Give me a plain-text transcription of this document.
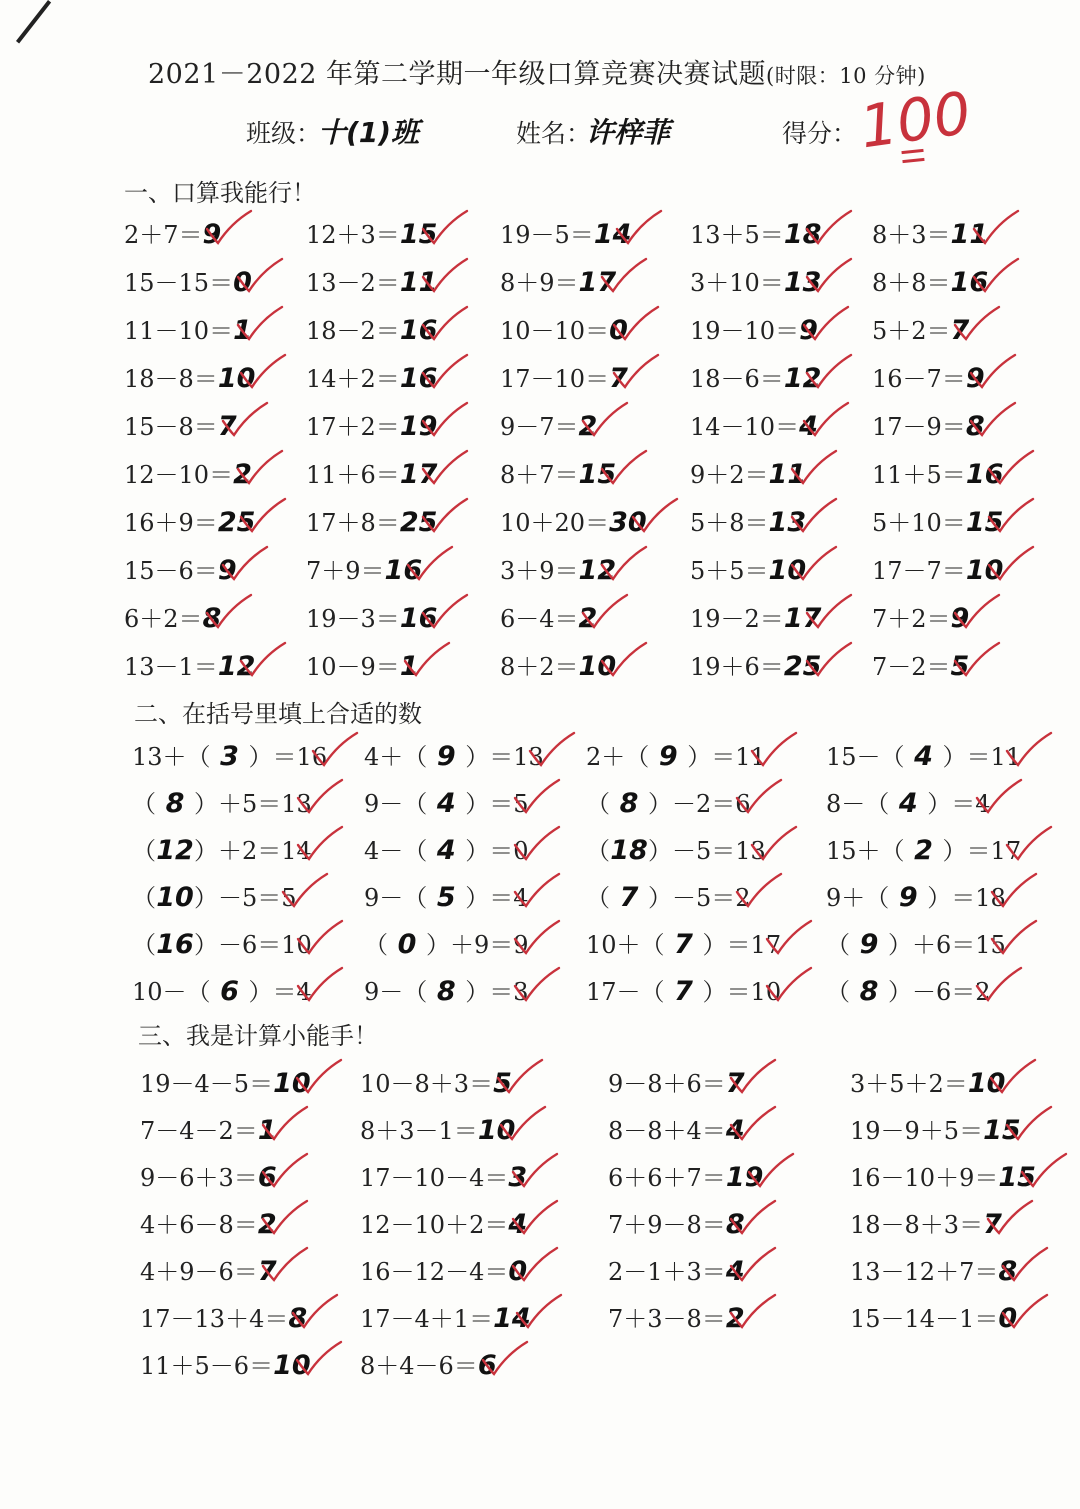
2021－2022 年第二学期一年级口算竞赛决赛试题(时限：10 分钟)
班级：
十(1)班	姓名：
许梓菲	得分：
100
一、口算我能行！
二、在括号里填上合适的数
三、我是计算小能手！
2＋7＝9
15－15＝0
11－10＝1
18－8＝10
15－8＝7
12－10＝2
16＋9＝25
15－6＝9
6＋2＝8
13－1＝12
12＋3＝15
13－2＝11
18－2＝16
14＋2＝16
17＋2＝19
11＋6＝17
17＋8＝25
7＋9＝16
19－3＝16
10－9＝1
19－5＝14
8＋9＝17
10－10＝0
17－10＝7
9－7＝2
8＋7＝15
10＋20＝30
3＋9＝12
6－4＝2
8＋2＝10
13＋5＝18
3＋10＝13
19－10＝9
18－6＝12
14－10＝4
9＋2＝11
5＋8＝13
5＋5＝10
19－2＝17
19＋6＝25
8＋3＝11
8＋8＝16
5＋2＝7
16－7＝9
17－9＝8
11＋5＝16
5＋10＝15
17－7＝10
7＋2＝9
7－2＝5
13＋（ 3 ）＝16
（ 8 ）＋5＝13
（12）＋2＝14
（10）－5＝5
（16）－6＝10
10－（ 6 ）＝4
4＋（ 9 ）＝13
9－（ 4 ）＝5
4－（ 4 ）＝0
9－（ 5 ）＝4
（ 0 ）＋9＝9
9－（ 8 ）＝3
2＋（ 9 ）＝11
（ 8 ）－2＝6
（18）－5＝13
（ 7 ）－5＝2
10＋（ 7 ）＝17
17－（ 7 ）＝10
15－（ 4 ）＝11
8－（ 4 ）＝4
15＋（ 2 ）＝17
9＋（ 9 ）＝18
（ 9 ）＋6＝15
（ 8 ）－6＝2
19－4－5＝10
7－4－2＝1
9－6＋3＝6
4＋6－8＝2
4＋9－6＝7
17－13＋4＝8
11＋5－6＝10
10－8＋3＝5
8＋3－1＝10
17－10－4＝3
12－10＋2＝4
16－12－4＝0
17－4＋1＝14
8＋4－6＝6
9－8＋6＝7
8－8＋4＝4
6＋6＋7＝19
7＋9－8＝8
2－1＋3＝4
7＋3－8＝2
3＋5＋2＝10
19－9＋5＝15
16－10＋9＝15
18－8＋3＝7
13－12＋7＝8
15－14－1＝0
